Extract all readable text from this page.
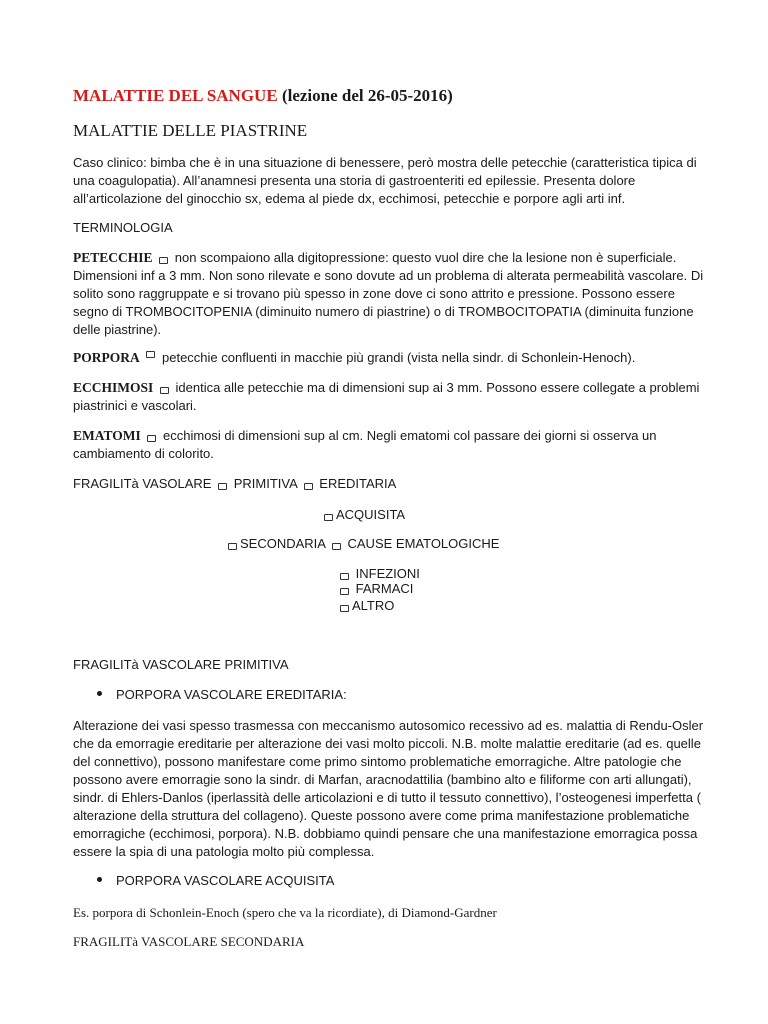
MALATTIE DEL SANGUE (lezione del 26-05-2016)
MALATTIE DELLE PIASTRINE

Caso clinico: bimba che è in una situazione di benessere, però mostra delle petecchie (caratteristica tipica di una coagulopatia). All’anamnesi presenta una storia di gastroenteriti ed epilessie. Presenta dolore all’articolazione del ginocchio sx, edema al piede dx, ecchimosi, petecchie e porpore agli arti inf.

TERMINOLOGIA

PETECCHIE non scompaiono alla digitopressione: questo vuol dire che la lesione non è superficiale. Dimensioni inf a 3 mm. Non sono rilevate e sono dovute ad un problema di alterata permeabilità vascolare. Di solito sono raggruppate e si trovano più spesso in zone dove ci sono attrito e pressione. Possono essere segno di TROMBOCITOPENIA (diminuito numero di piastrine) o di TROMBOCITOPATIA (diminuita funzione delle piastrine).

PORPORA petecchie confluenti in macchie più grandi (vista nella sindr. di Schonlein-Henoch).

ECCHIMOSI identica alle petecchie ma di dimensioni sup ai 3 mm. Possono essere collegate a problemi piastrinici e vascolari.

EMATOMI ecchimosi di dimensioni sup al cm. Negli ematomi col passare dei giorni si osserva un cambiamento di colorito.

FRAGILITà VASOLARE PRIMITIVA EREDITARIA
ACQUISITA
SECONDARIA CAUSE EMATOLOGICHE
INFEZIONI
FARMACI
ALTRO
FRAGILITà VASCOLARE PRIMITIVA
PORPORA VASCOLARE EREDITARIA:

Alterazione dei vasi spesso trasmessa con meccanismo autosomico recessivo ad es. malattia di Rendu-Osler che da emorragie ereditarie per alterazione dei vasi molto piccoli. N.B. molte malattie ereditarie (ad es. quelle del connettivo), possono manifestare come primo sintomo problematiche emorragiche. Altre patologie che possono avere emorragie sono la sindr. di Marfan, aracnodattilia (bambino alto e filiforme con arti allungati), sindr. di Ehlers-Danlos (iperlassità delle articolazioni e di tutto il tessuto connettivo), l’osteogenesi imperfetta ( alterazione della struttura del collageno). Queste possono avere come prima manifestazione problematiche emorragiche (ecchimosi, porpora). N.B. dobbiamo quindi pensare che una manifestazione emorragica possa essere la spia di una patologia molto più complessa.

PORPORA VASCOLARE ACQUISITA
Es. porpora di Schonlein-Enoch (spero che va la ricordiate), di Diamond-Gardner
FRAGILITà VASCOLARE SECONDARIA
